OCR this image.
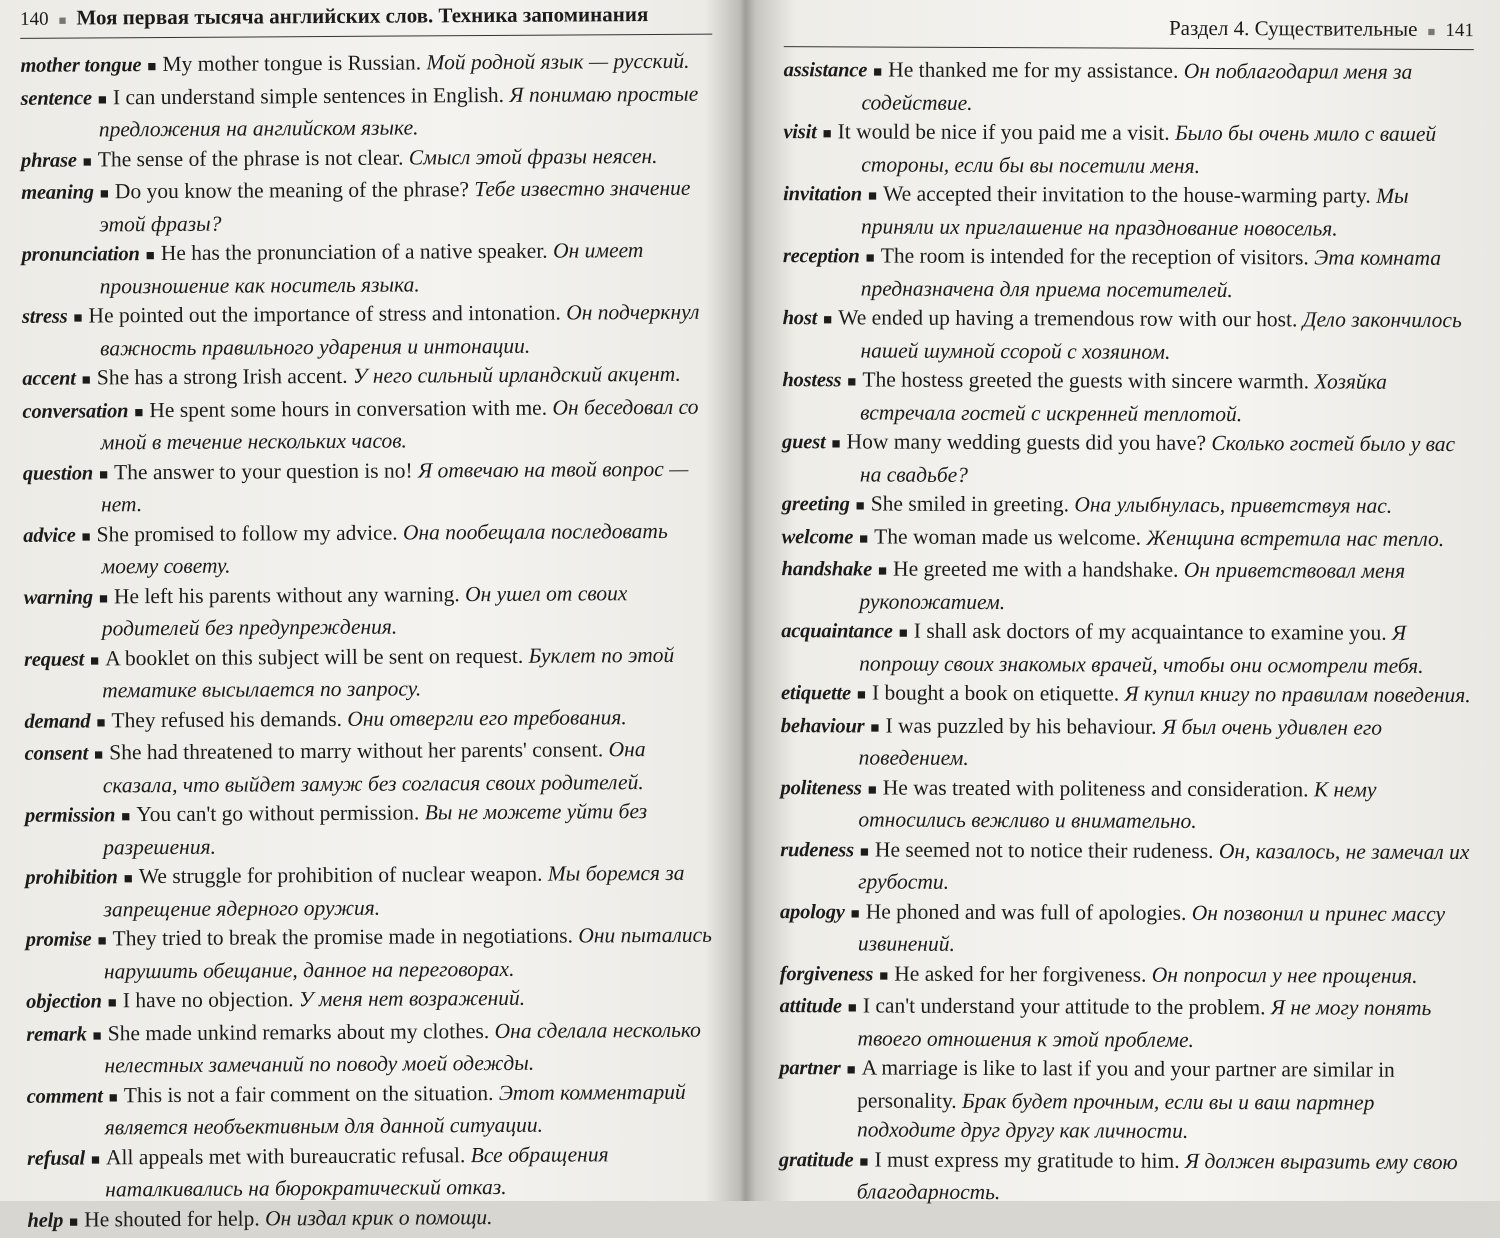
140 ■ Моя первая тысяча английских слов. Техника запоминания
mother tongue ■ My mother tongue is Russian. Мой родной язык — русский.
sentence ■ I can understand simple sentences in English. Я понимаю простые предложения на английском языке.
phrase ■ The sense of the phrase is not clear. Смысл этой фразы неясен.
meaning ■ Do you know the meaning of the phrase? Тебе известно значение этой фразы?
pronunciation ■ He has the pronunciation of a native speaker. Он имеет произношение как носитель языка.
stress ■ He pointed out the importance of stress and intonation. Он подчеркнул важность правильного ударения и интонации.
accent ■ She has a strong Irish accent. У него сильный ирландский акцент.
conversation ■ He spent some hours in conversation with me. Он беседовал со мной в течение нескольких часов.
question ■ The answer to your question is no! Я отвечаю на твой вопрос — нет.
advice ■ She promised to follow my advice. Она пообещала последовать моему совету.
warning ■ He left his parents without any warning. Он ушел от своих родителей без предупреждения.
request ■ A booklet on this subject will be sent on request. Буклет по этой тематике высылается по запросу.
demand ■ They refused his demands. Они отвергли его требования.
consent ■ She had threatened to marry without her parents' consent. Она сказала, что выйдет замуж без согласия своих родителей.
permission ■ You can't go without permission. Вы не можете уйти без разрешения.
prohibition ■ We struggle for prohibition of nuclear weapon. Мы боремся за запрещение ядерного оружия.
promise ■ They tried to break the promise made in negotiations. Они пытались нарушить обещание, данное на переговорах.
objection ■ I have no objection. У меня нет возражений.
remark ■ She made unkind remarks about my clothes. Она сделала несколько нелестных замечаний по поводу моей одежды.
comment ■ This is not a fair comment on the situation. Этот комментарий является необъективным для данной ситуации.
refusal ■ All appeals met with bureaucratic refusal. Все обращения наталкивались на бюрократический отказ.
help ■ He shouted for help. Он издал крик о помощи.
Раздел 4. Существительные ■ 141
assistance ■ He thanked me for my assistance. Он поблагодарил меня за содействие.
visit ■ It would be nice if you paid me a visit. Было бы очень мило с вашей стороны, если бы вы посетили меня.
invitation ■ We accepted their invitation to the house-warming party. Мы приняли их приглашение на празднование новоселья.
reception ■ The room is intended for the reception of visitors. Эта комната предназначена для приема посетителей.
host ■ We ended up having a tremendous row with our host. Дело закончилось нашей шумной ссорой с хозяином.
hostess ■ The hostess greeted the guests with sincere warmth. Хозяйка встречала гостей с искренней теплотой.
guest ■ How many wedding guests did you have? Сколько гостей было у вас на свадьбе?
greeting ■ She smiled in greeting. Она улыбнулась, приветствуя нас.
welcome ■ The woman made us welcome. Женщина встретила нас тепло.
handshake ■ He greeted me with a handshake. Он приветствовал меня рукопожатием.
acquaintance ■ I shall ask doctors of my acquaintance to examine you. Я попрошу своих знакомых врачей, чтобы они осмотрели тебя.
etiquette ■ I bought a book on etiquette. Я купил книгу по правилам поведения.
behaviour ■ I was puzzled by his behaviour. Я был очень удивлен его поведением.
politeness ■ He was treated with politeness and consideration. К нему относились вежливо и внимательно.
rudeness ■ He seemed not to notice their rudeness. Он, казалось, не замечал их грубости.
apology ■ He phoned and was full of apologies. Он позвонил и принес массу извинений.
forgiveness ■ He asked for her forgiveness. Он попросил у нее прощения.
attitude ■ I can't understand your attitude to the problem. Я не могу понять твоего отношения к этой проблеме.
partner ■ A marriage is like to last if you and your partner are similar in personality. Брак будет прочным, если вы и ваш партнер подходите друг другу как личности.
gratitude ■ I must express my gratitude to him. Я должен выразить ему свою благодарность.
